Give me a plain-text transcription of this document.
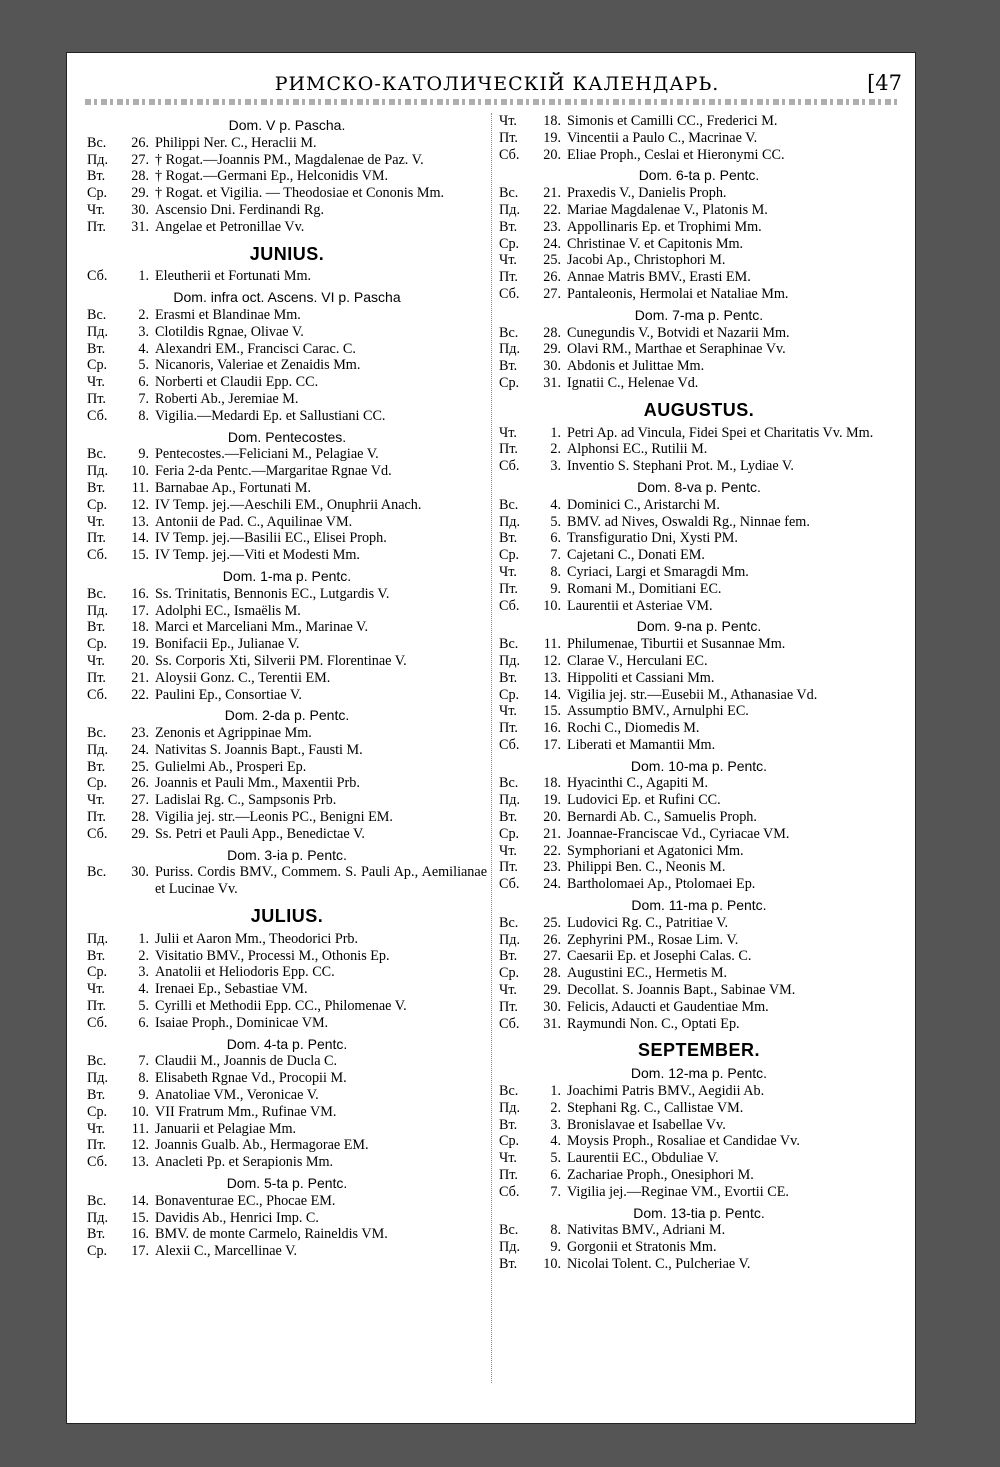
РИМСКО-КАТОЛИЧЕСКІЙ КАЛЕНДАРЬ.	[47
Dom. V p. Pascha.
Вс.	26. Philippi Ner. C., Heraclii M.
Пд.	27. † Rogat.—Joannis PM., Magdalenae de Paz. V.
Вт.	28. † Rogat.—Germani Ep., Helconidis VM.
Ср.	29. † Rogat. et Vigilia. — Theodosiae et Cononis Mm.
Чт.	30. Ascensio Dni. Ferdinandi Rg.
Пт.	31. Angelae et Petronillae Vv.
JUNIUS.
Сб.	1. Eleutherii et Fortunati Mm.
Dom. infra oct. Ascens. VI p. Pascha
Вс.	2. Erasmi et Blandinae Mm.
Пд.	3. Clotildis Rgnae, Olivae V.
Вт.	4. Alexandri EM., Francisci Carac. C.
Ср.	5. Nicanoris, Valeriae et Zenaidis Mm.
Чт.	6. Norberti et Claudii Epp. CC.
Пт.	7. Roberti Ab., Jeremiae M.
Сб.	8. Vigilia.—Medardi Ep. et Sallustiani CC.
Dom. Pentecostes.
Вс.	9. Pentecostes.—Feliciani M., Pelagiae V.
Пд.	10. Feria 2-da Pentc.—Margaritae Rgnae Vd.
Вт.	11. Barnabae Ap., Fortunati M.
Ср.	12. IV Temp. jej.—Aeschili EM., Onuphrii Anach.
Чт.	13. Antonii de Pad. C., Aquilinae VM.
Пт.	14. IV Temp. jej.—Basilii EC., Elisei Proph.
Сб.	15. IV Temp. jej.—Viti et Modesti Mm.
Dom. 1-ma p. Pentc.
Вс.	16. Ss. Trinitatis, Bennonis EC., Lutgardis V.
Пд.	17. Adolphi EC., Ismaëlis M.
Вт.	18. Marci et Marceliani Mm., Marinae V.
Ср.	19. Bonifacii Ep., Julianae V.
Чт.	20. Ss. Corporis Xti, Silverii PM. Florentinae V.
Пт.	21. Aloysii Gonz. C., Terentii EM.
Сб.	22. Paulini Ep., Consortiae V.
Dom. 2-da p. Pentc.
Вс.	23. Zenonis et Agrippinae Mm.
Пд.	24. Nativitas S. Joannis Bapt., Fausti M.
Вт.	25. Gulielmi Ab., Prosperi Ep.
Ср.	26. Joannis et Pauli Mm., Maxentii Prb.
Чт.	27. Ladislai Rg. C., Sampsonis Prb.
Пт.	28. Vigilia jej. str.—Leonis PC., Benigni EM.
Сб.	29. Ss. Petri et Pauli App., Benedictae V.
Dom. 3-ia p. Pentc.
Вс.	30. Puriss. Cordis BMV., Commem. S. Pauli Ap., Aemilianae et Lucinae Vv.
JULIUS.
Пд.	1. Julii et Aaron Mm., Theodorici Prb.
Вт.	2. Visitatio BMV., Processi M., Othonis Ep.
Ср.	3. Anatolii et Heliodoris Epp. CC.
Чт.	4. Irenaei Ep., Sebastiae VM.
Пт.	5. Cyrilli et Methodii Epp. CC., Philomenae V.
Сб.	6. Isaiae Proph., Dominicae VM.
Dom. 4-ta p. Pentc.
Вс.	7. Claudii M., Joannis de Ducla C.
Пд.	8. Elisabeth Rgnae Vd., Procopii M.
Вт.	9. Anatoliae VM., Veronicae V.
Ср.	10. VII Fratrum Mm., Rufinae VM.
Чт.	11. Januarii et Pelagiae Mm.
Пт.	12. Joannis Gualb. Ab., Hermagorae EM.
Сб.	13. Anacleti Pp. et Serapionis Mm.
Dom. 5-ta p. Pentc.
Вс.	14. Bonaventurae EC., Phocae EM.
Пд.	15. Davidis Ab., Henrici Imp. C.
Вт.	16. BMV. de monte Carmelo, Raineldis VM.
Ср.	17. Alexii C., Marcellinae V.
Чт.	18. Simonis et Camilli CC., Frederici M.
Пт.	19. Vincentii a Paulo C., Macrinae V.
Сб.	20. Eliae Proph., Ceslai et Hieronymi CC.
Dom. 6-ta p. Pentc.
Вс.	21. Praxedis V., Danielis Proph.
Пд.	22. Mariae Magdalenae V., Platonis M.
Вт.	23. Appollinaris Ep. et Trophimi Mm.
Ср.	24. Christinae V. et Capitonis Mm.
Чт.	25. Jacobi Ap., Christophori M.
Пт.	26. Annae Matris BMV., Erasti EM.
Сб.	27. Pantaleonis, Hermolai et Nataliae Mm.
Dom. 7-ma p. Pentc.
Вс.	28. Cunegundis V., Botvidi et Nazarii Mm.
Пд.	29. Olavi RM., Marthae et Seraphinae Vv.
Вт.	30. Abdonis et Julittae Mm.
Ср.	31. Ignatii C., Helenae Vd.
AUGUSTUS.
Чт.	1. Petri Ap. ad Vincula, Fidei Spei et Charitatis Vv. Mm.
Пт.	2. Alphonsi EC., Rutilii M.
Сб.	3. Inventio S. Stephani Prot. M., Lydiae V.
Dom. 8-va p. Pentc.
Вс.	4. Dominici C., Aristarchi M.
Пд.	5. BMV. ad Nives, Oswaldi Rg., Ninnae fem.
Вт.	6. Transfiguratio Dni, Xysti PM.
Ср.	7. Cajetani C., Donati EM.
Чт.	8. Cyriaci, Largi et Smaragdi Mm.
Пт.	9. Romani M., Domitiani EC.
Сб.	10. Laurentii et Asteriae VM.
Dom. 9-na p. Pentc.
Вс.	11. Philumenae, Tiburtii et Susannae Mm.
Пд.	12. Clarae V., Herculani EC.
Вт.	13. Hippoliti et Cassiani Mm.
Ср.	14. Vigilia jej. str.—Eusebii M., Athanasiae Vd.
Чт.	15. Assumptio BMV., Arnulphi EC.
Пт.	16. Rochi C., Diomedis M.
Сб.	17. Liberati et Mamantii Mm.
Dom. 10-ma p. Pentc.
Вс.	18. Hyacinthi C., Agapiti M.
Пд.	19. Ludovici Ep. et Rufini CC.
Вт.	20. Bernardi Ab. C., Samuelis Proph.
Ср.	21. Joannae-Franciscae Vd., Cyriacae VM.
Чт.	22. Symphoriani et Agatonici Mm.
Пт.	23. Philippi Ben. C., Neonis M.
Сб.	24. Bartholomaei Ap., Ptolomaei Ep.
Dom. 11-ma p. Pentc.
Вс.	25. Ludovici Rg. C., Patritiae V.
Пд.	26. Zephyrini PM., Rosae Lim. V.
Вт.	27. Caesarii Ep. et Josephi Calas. C.
Ср.	28. Augustini EC., Hermetis M.
Чт.	29. Decollat. S. Joannis Bapt., Sabinae VM.
Пт.	30. Felicis, Adaucti et Gaudentiae Mm.
Сб.	31. Raymundi Non. C., Optati Ep.
SEPTEMBER.
Dom. 12-ma p. Pentc.
Вс.	1. Joachimi Patris BMV., Aegidii Ab.
Пд.	2. Stephani Rg. C., Callistae VM.
Вт.	3. Bronislavae et Isabellae Vv.
Ср.	4. Moysis Proph., Rosaliae et Candidae Vv.
Чт.	5. Laurentii EC., Obduliae V.
Пт.	6. Zachariae Proph., Onesiphori M.
Сб.	7. Vigilia jej.—Reginae VM., Evortii CE.
Dom. 13-tia p. Pentc.
Вс.	8. Nativitas BMV., Adriani M.
Пд.	9. Gorgonii et Stratonis Mm.
Вт.	10. Nicolai Tolent. C., Pulcheriae V.
